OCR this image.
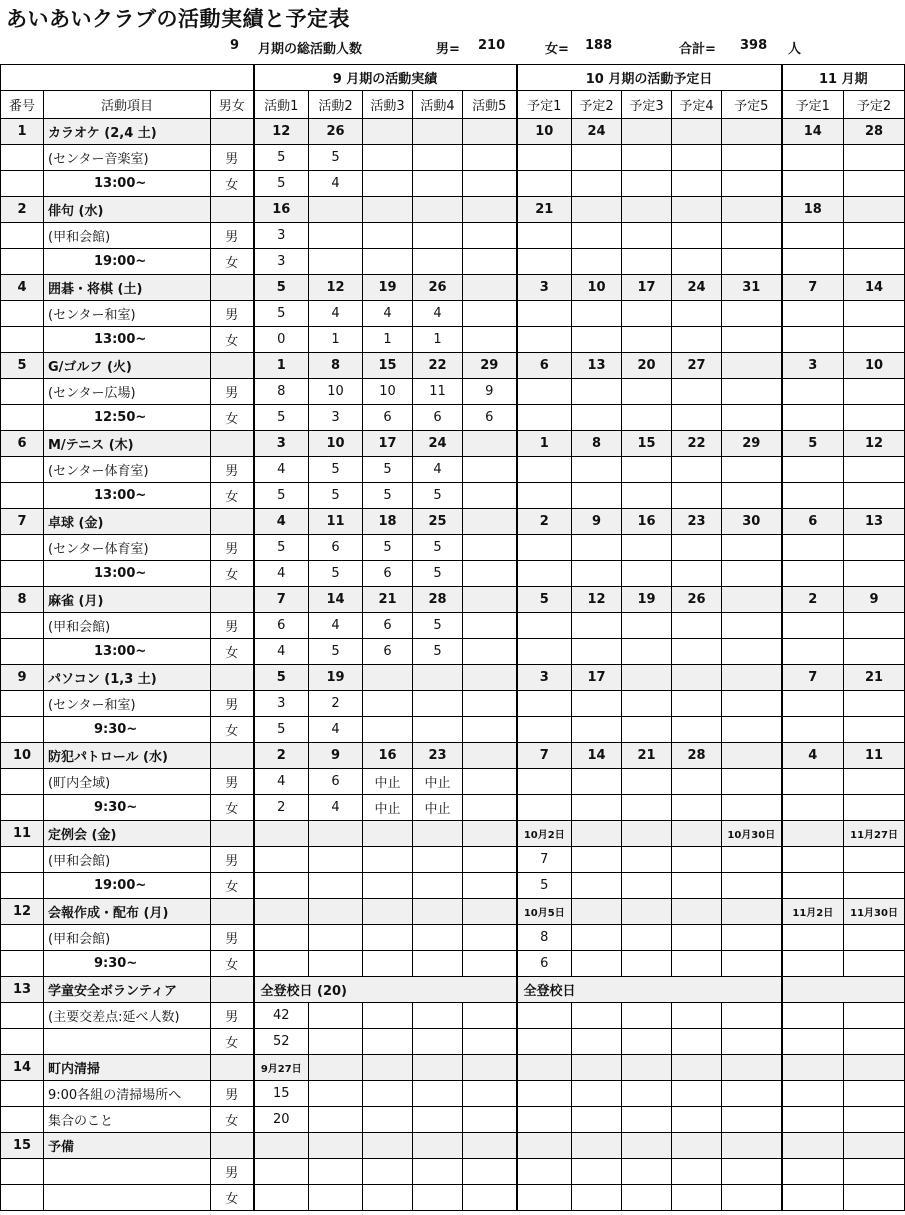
あいあいクラブの活動実績と予定表
9 月期の総活動人数	男= 210	女= 188	合計= 398 人
			9 月期の活動実績					10 月期の活動予定日					11 月期	
番号	活動項目	男女	活動1	活動2	活動3	活動4	活動5	予定1	予定2	予定3	予定4	予定5	予定1	予定2
1	カラオケ (2,4 土)		12	26				10	24				14	28
	(センター音楽室)	男	5	5										
	13:00~	女	5	4										
2	俳句 (水)		16					21					18	
	(甲和会館)	男	3											
	19:00~	女	3											
4	囲碁・将棋 (土)		5	12	19	26		3	10	17	24	31	7	14
	(センター和室)	男	5	4	4	4								
	13:00~	女	0	1	1	1								
5	G/ゴルフ (火)		1	8	15	22	29	6	13	20	27		3	10
	(センター広場)	男	8	10	10	11	9							
	12:50~	女	5	3	6	6	6							
6	M/テニス (木)		3	10	17	24		1	8	15	22	29	5	12
	(センター体育室)	男	4	5	5	4								
	13:00~	女	5	5	5	5								
7	卓球 (金)		4	11	18	25		2	9	16	23	30	6	13
	(センター体育室)	男	5	6	5	5								
	13:00~	女	4	5	6	5								
8	麻雀 (月)		7	14	21	28		5	12	19	26		2	9
	(甲和会館)	男	6	4	6	5								
	13:00~	女	4	5	6	5								
9	パソコン (1,3 土)		5	19				3	17				7	21
	(センター和室)	男	3	2										
	9:30~	女	5	4										
10	防犯パトロール (水)		2	9	16	23		7	14	21	28		4	11
	(町内全域)	男	4	6	中止	中止								
	9:30~	女	2	4	中止	中止								
11	定例会 (金)							10月2日				10月30日		11月27日
	(甲和会館)	男						7						
	19:00~	女						5						
12	会報作成・配布 (月)							10月5日					11月2日	11月30日
	(甲和会館)	男						8						
	9:30~	女						6						
13	学童安全ボランティア		全登校日 (20)					全登校日						
	(主要交差点:延べ人数)	男	42											
		女	52											
14	町内清掃		9月27日											
	9:00各組の清掃場所へ	男	15											
	集合のこと	女	20											
15	予備													
		男												
		女												
